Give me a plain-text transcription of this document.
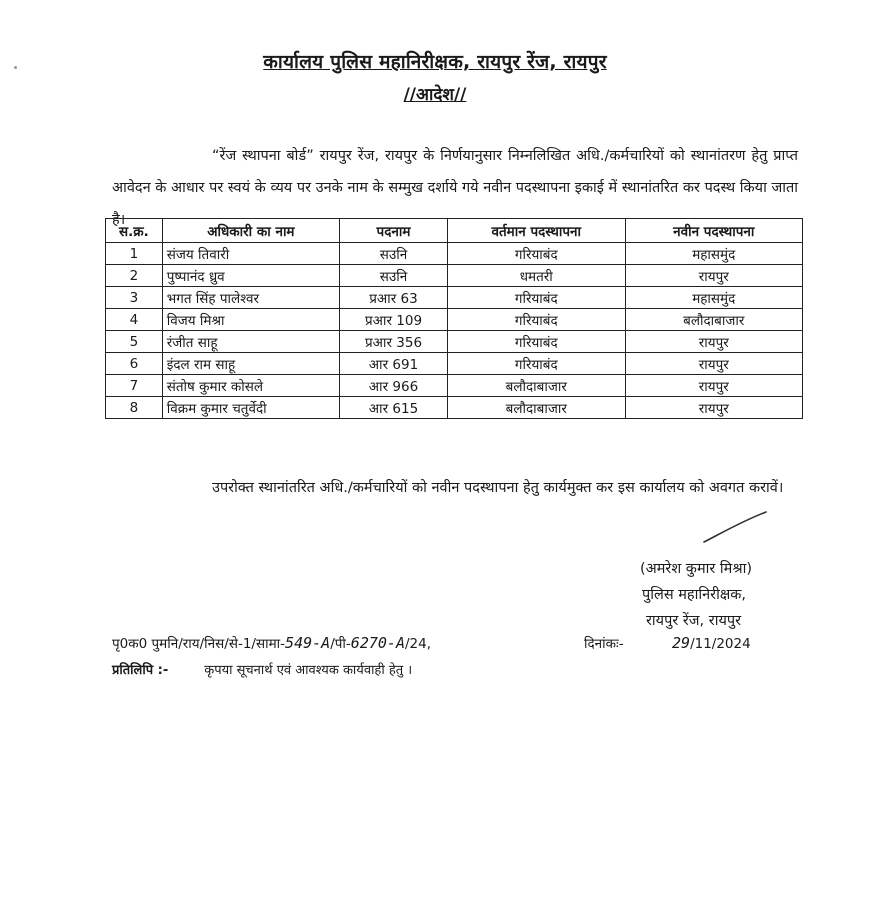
कार्यालय पुलिस महानिरीक्षक, रायपुर रेंज, रायपुर
//आदेश//
“रेंज स्थापना बोर्ड” रायपुर रेंज, रायपुर के निर्णयानुसार निम्नलिखित अधि./कर्मचारियों को स्थानांतरण हेतु प्राप्त आवेदन के आधार पर स्वयं के व्यय पर उनके नाम के सम्मुख दर्शाये गये नवीन पदस्थापना इकाई में स्थानांतरित कर पदस्थ किया जाता है।
स.क्र.	अधिकारी का नाम	पदनाम	वर्तमान पदस्थापना	नवीन पदस्थापना
1	संजय तिवारी	सउनि	गरियाबंद	महासमुंद
2	पुष्पानंद ध्रुव	सउनि	धमतरी	रायपुर
3	भगत सिंह पालेश्वर	प्रआर 63	गरियाबंद	महासमुंद
4	विजय मिश्रा	प्रआर 109	गरियाबंद	बलौदाबाजार
5	रंजीत साहू	प्रआर 356	गरियाबंद	रायपुर
6	इंदल राम साहू	आर 691	गरियाबंद	रायपुर
7	संतोष कुमार कोसले	आर 966	बलौदाबाजार	रायपुर
8	विक्रम कुमार चतुर्वेदी	आर 615	बलौदाबाजार	रायपुर
उपरोक्त स्थानांतरित अधि./कर्मचारियों को नवीन पदस्थापना हेतु कार्यमुक्त कर इस कार्यालय को अवगत करावें।
(अमरेश कुमार मिश्रा)
पुलिस महानिरीक्षक,
रायपुर रेंज, रायपुर
पृ0क0 पुमनि/राय/निस/से-1/सामा-549-A/पी-6270-A/24,	दिनांकः-	29/11/2024
प्रतिलिपि :-	कृपया सूचनार्थ एवं आवश्यक कार्यवाही हेतु ।
